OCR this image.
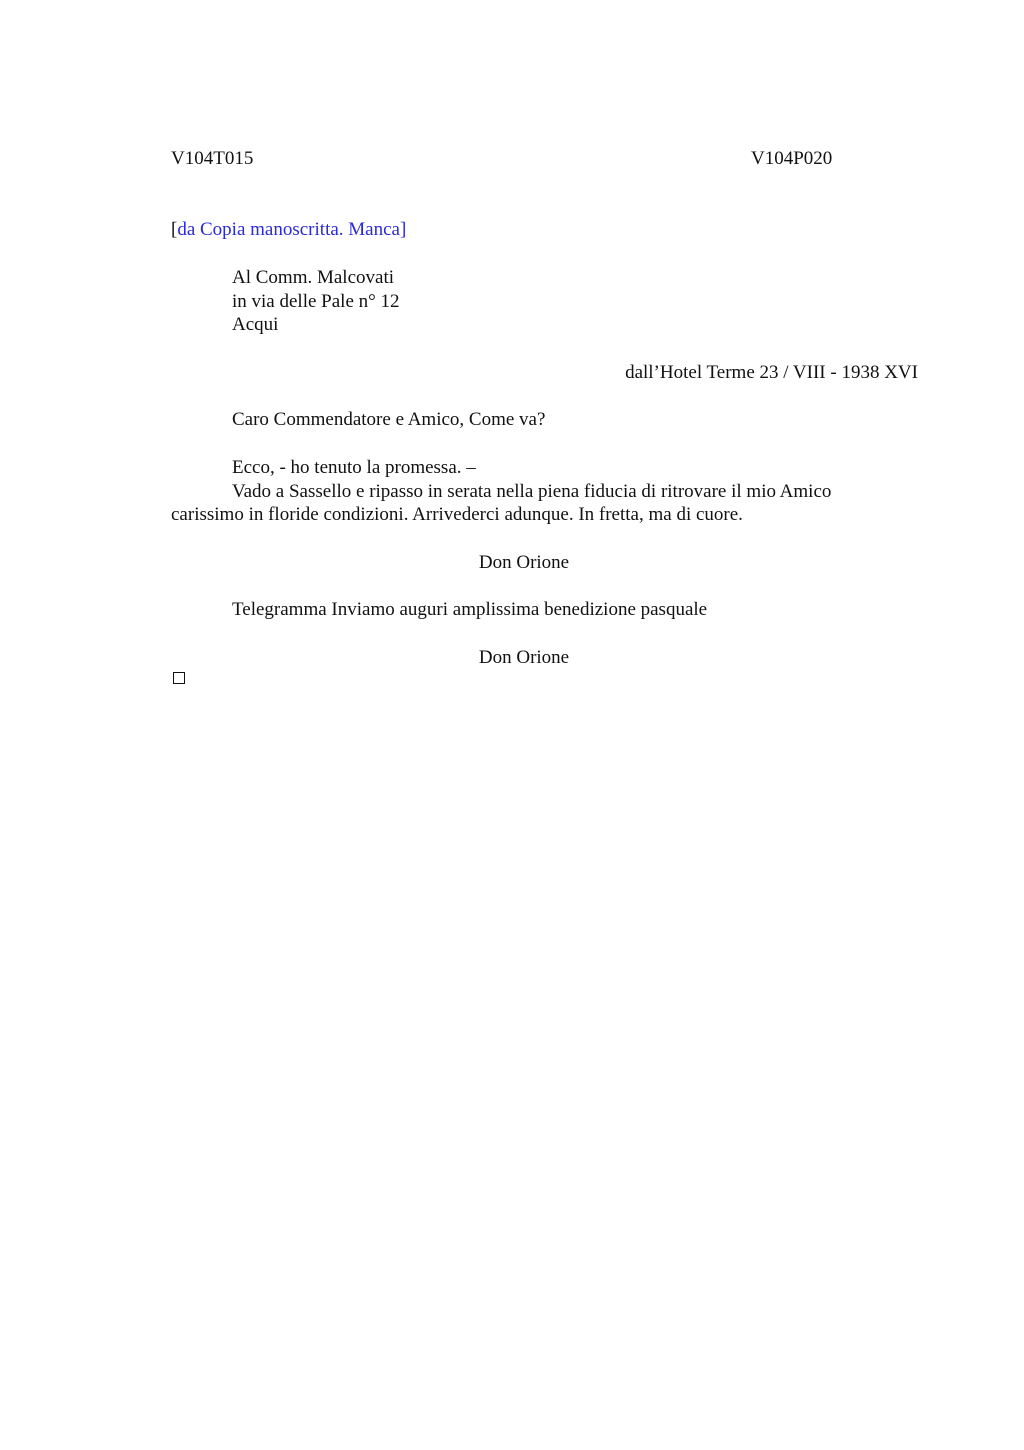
V104T015	V104P020
[da Copia manoscritta. Manca]
Al Comm. Malcovati
in via delle Pale n° 12
Acqui
dall’Hotel Terme 23 / VIII - 1938 XVI
Caro Commendatore e Amico, Come va?
Ecco, - ho tenuto la promessa. –
Vado a Sassello e ripasso in serata nella piena fiducia di ritrovare il mio Amico
carissimo in floride condizioni. Arrivederci adunque. In fretta, ma di cuore.
Don Orione
Telegramma Inviamo auguri amplissima benedizione pasquale
Don Orione
